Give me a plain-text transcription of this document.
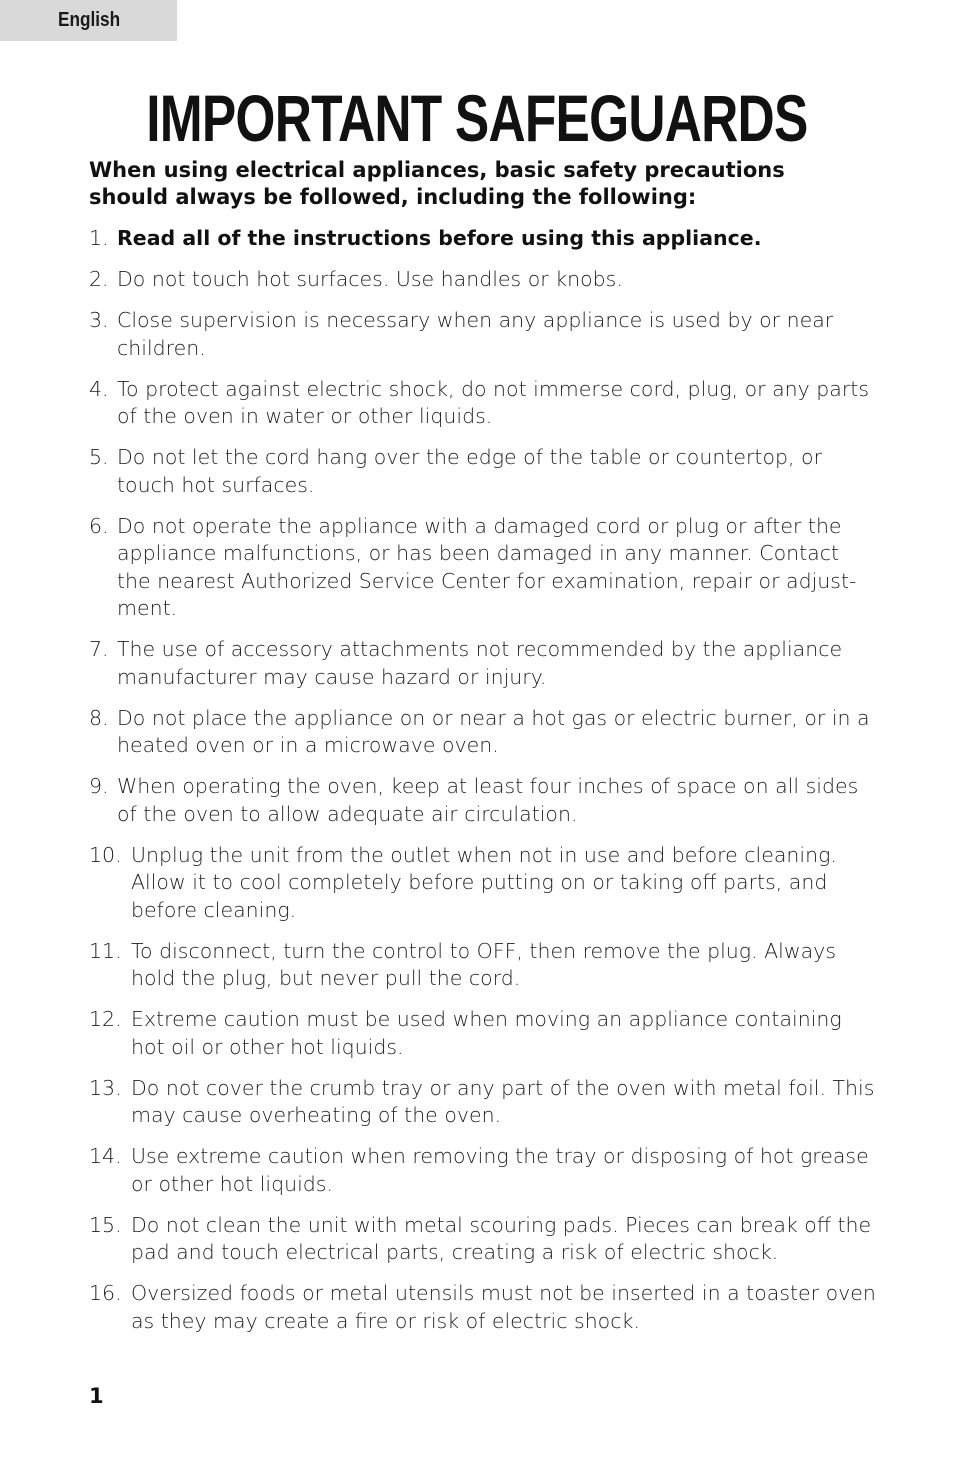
English
IMPORTANT SAFEGUARDS

When using electrical appliances, basic safety precautions should always be followed, including the following:

1. Read all of the instructions before using this appliance.
2. Do not touch hot surfaces. Use handles or knobs.
3. Close supervision is necessary when any appliance is used by or near children.
4. To protect against electric shock, do not immerse cord, plug, or any parts of the oven in water or other liquids.
5. Do not let the cord hang over the edge of the table or countertop, or touch hot surfaces.
6. Do not operate the appliance with a damaged cord or plug or after the appliance malfunctions, or has been damaged in any manner. Contact the nearest Authorized Service Center for examination, repair or adjust-ment.
7. The use of accessory attachments not recommended by the appliance manufacturer may cause hazard or injury.
8. Do not place the appliance on or near a hot gas or electric burner, or in a heated oven or in a microwave oven.
9. When operating the oven, keep at least four inches of space on all sides of the oven to allow adequate air circulation.
10. Unplug the unit from the outlet when not in use and before cleaning. Allow it to cool completely before putting on or taking off parts, and before cleaning.
11. To disconnect, turn the control to OFF, then remove the plug. Always hold the plug, but never pull the cord.
12. Extreme caution must be used when moving an appliance containing hot oil or other hot liquids.
13. Do not cover the crumb tray or any part of the oven with metal foil. This may cause overheating of the oven.
14. Use extreme caution when removing the tray or disposing of hot grease or other hot liquids.
15. Do not clean the unit with metal scouring pads. Pieces can break off the pad and touch electrical parts, creating a risk of electric shock.
16. Oversized foods or metal utensils must not be inserted in a toaster oven as they may create a fire or risk of electric shock.
1
